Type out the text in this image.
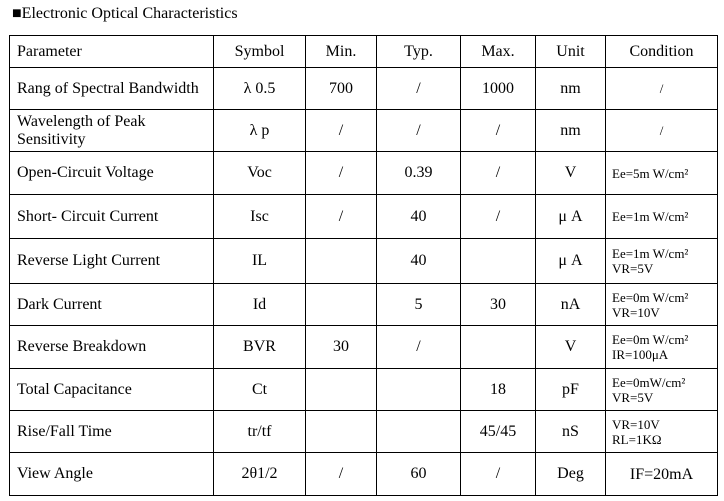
■Electronic Optical Characteristics
Parameter	Symbol	Min.	Typ.	Max.	Unit	Condition
Rang of Spectral Bandwidth	λ 0.5	700	/	1000	nm	/

Wavelength of Peak Sensitivity	λ p	/	/	/	nm	/

Open-Circuit Voltage	Voc	/	0.39	/	V	Ee=5m W/cm²

Short- Circuit Current	Isc	/	40	/	μ A	Ee=1m W/cm²

Reverse Light Current	IL		40		μ A	Ee=1m W/cm²
VR=5V

Dark Current	Id		5	30	nA	Ee=0m W/cm²
VR=10V

Reverse Breakdown	BVR	30	/		V	Ee=0m W/cm²
IR=100μA

Total Capacitance	Ct			18	pF	Ee=0mW/cm²
VR=5V

Rise/Fall Time	tr/tf			45/45	nS	VR=10V
RL=1KΩ

View Angle	2θ1/2	/	60	/	Deg	IF=20mA
